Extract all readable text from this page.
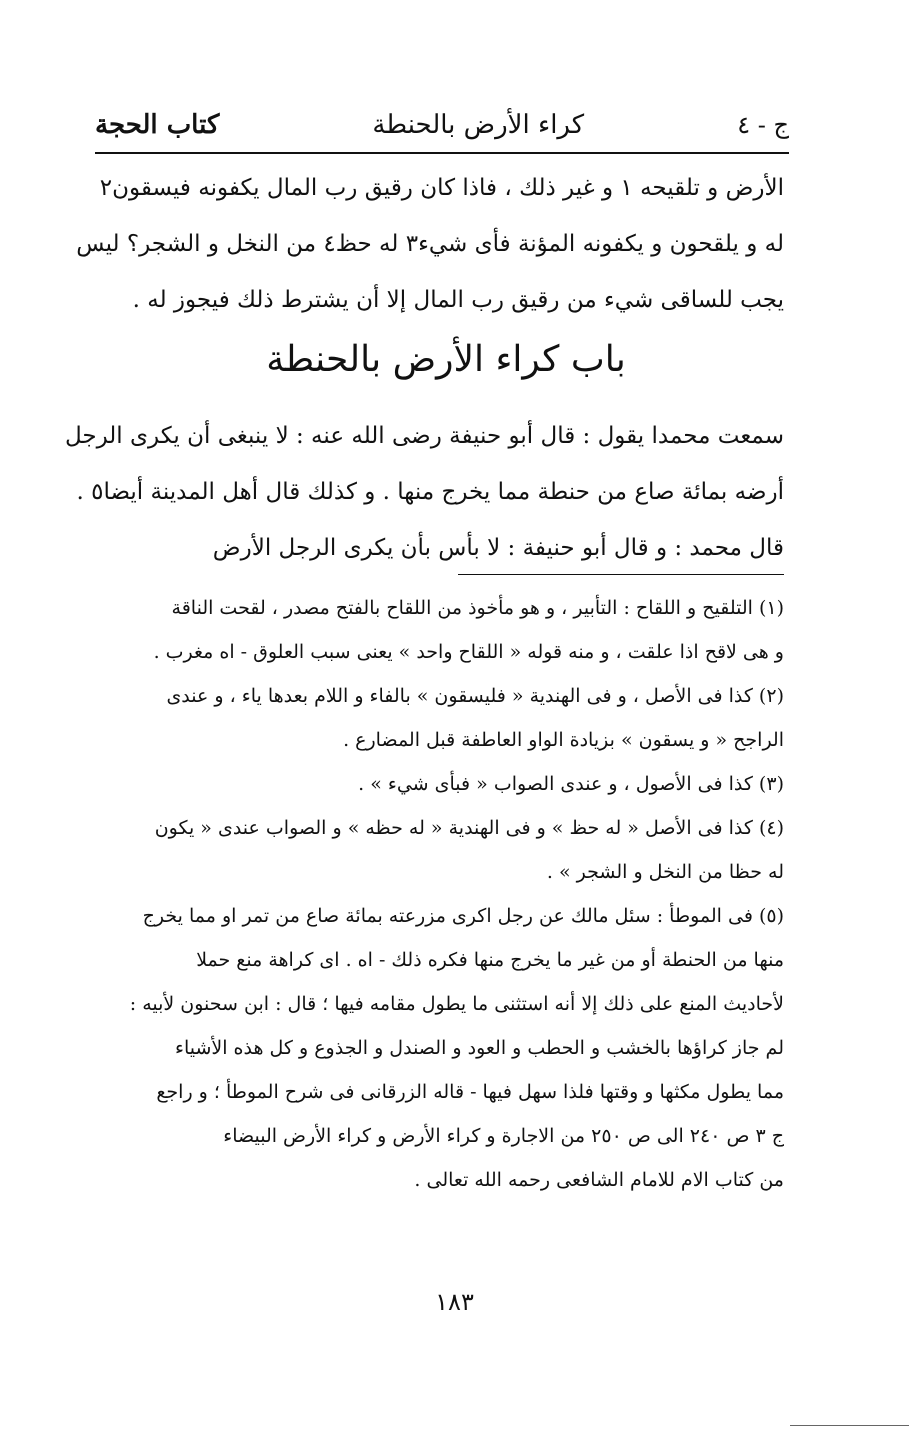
ج - ٤
كراء الأرض بالحنطة
كتاب الحجة
الأرض و تلقيحه ١ و غير ذلك ، فاذا كان رقيق رب المال يكفونه فيسقون٢
له و يلقحون و يكفونه المؤنة فأى شيء٣ له حظ٤ من النخل و الشجر؟ ليس
يجب للساقى شيء من رقيق رب المال إلا أن يشترط ذلك فيجوز له .
باب كراء الأرض بالحنطة
سمعت محمدا يقول : قال أبو حنيفة رضى الله عنه : لا ينبغى أن يكرى الرجل
أرضه بمائة صاع من حنطة مما يخرج منها . و كذلك قال أهل المدينة أيضا٥ .
قال محمد : و قال أبو حنيفة : لا بأس بأن يكرى الرجل الأرض
(١) التلقيح و اللقاح : التأبير ، و هو مأخوذ من اللقاح بالفتح مصدر ، لقحت الناقة
و هى لاقح اذا علقت ، و منه قوله « اللقاح واحد » يعنى سبب العلوق - اه مغرب .
(٢) كذا فى الأصل ، و فى الهندية « فليسقون » بالفاء و اللام بعدها ياء ، و عندى
الراجح « و يسقون » بزيادة الواو العاطفة قبل المضارع .
(٣) كذا فى الأصول ، و عندى الصواب « فبأى شيء » .
(٤) كذا فى الأصل « له حظ » و فى الهندية « له حظه » و الصواب عندى « يكون
له حظا من النخل و الشجر » .
(٥) فى الموطأ : سئل مالك عن رجل اكرى مزرعته بمائة صاع من تمر او مما يخرج
منها من الحنطة أو من غير ما يخرج منها فكره ذلك - اه . اى كراهة منع حملا
لأحاديث المنع على ذلك إلا أنه استثنى ما يطول مقامه فيها ؛ قال : ابن سحنون لأبيه :
لم جاز كراؤها بالخشب و الحطب و العود و الصندل و الجذوع و كل هذه الأشياء
مما يطول مكثها و وقتها فلذا سهل فيها - قاله الزرقانى فى شرح الموطأ ؛ و راجع
ج ٣ ص ٢٤٠ الى ص ٢٥٠ من الاجارة و كراء الأرض و كراء الأرض البيضاء
من كتاب الام للامام الشافعى رحمه الله تعالى .
١٨٣
